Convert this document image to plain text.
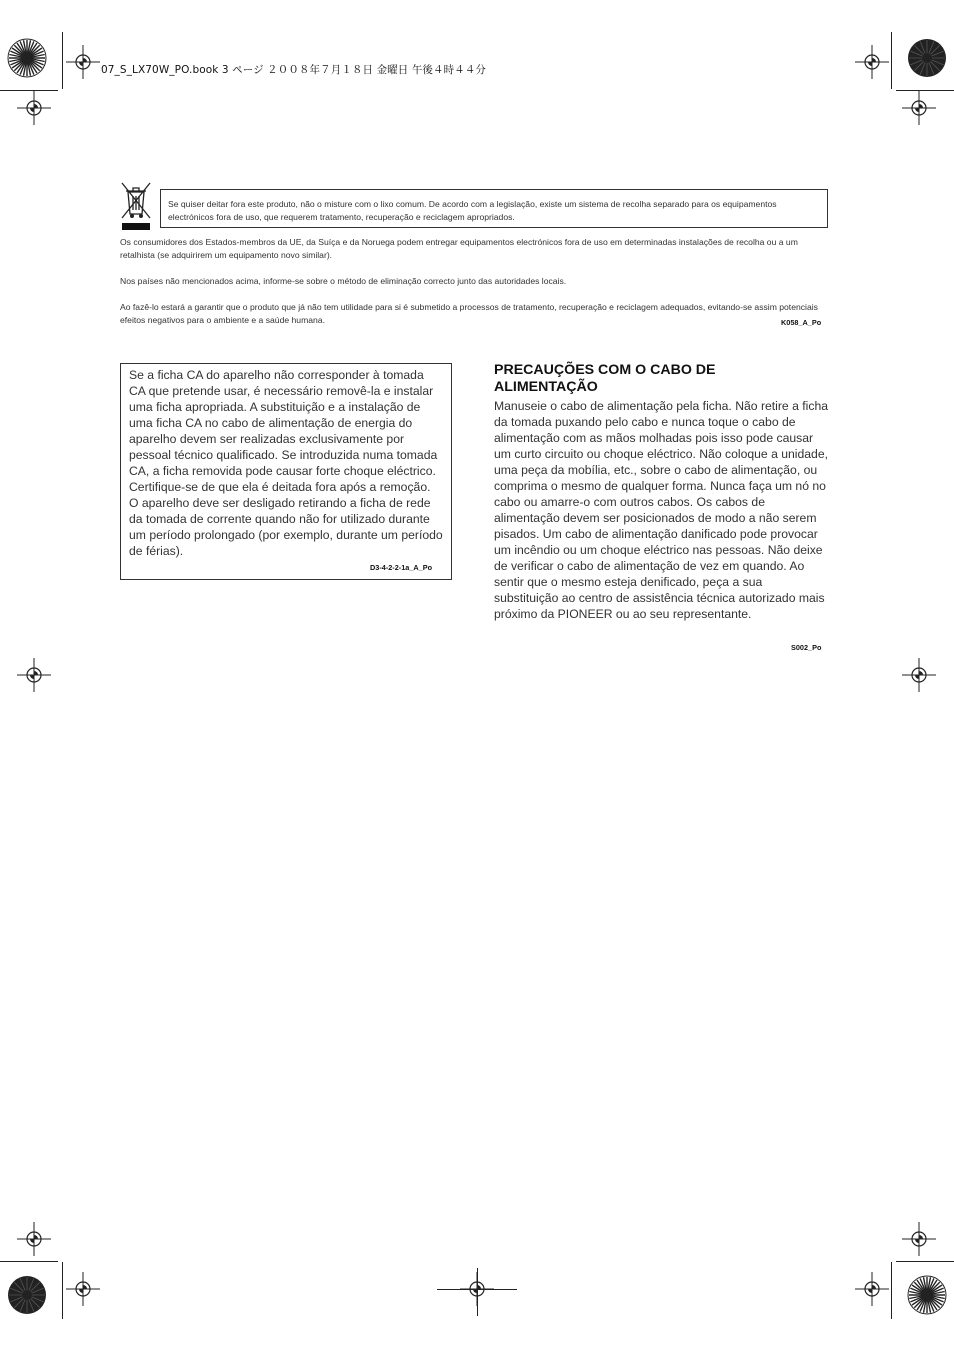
07_S_LX70W_PO.book 3 ページ ２００８年７月１８日 金曜日 午後４時４４分
Se quiser deitar fora este produto, não o misture com o lixo comum. De acordo com a legislação, existe um sistema de recolha separado para os equipamentos electrónicos fora de uso, que requerem tratamento, recuperação e reciclagem apropriados.

Os consumidores dos Estados-membros da UE, da Suíça e da Noruega podem entregar equipamentos electrónicos fora de uso em determinadas instalações de recolha ou a um retalhista (se adquirirem um equipamento novo similar).

Nos países não mencionados acima, informe-se sobre o método de eliminação correcto junto das autoridades locais.

Ao fazê-lo estará a garantir que o produto que já não tem utilidade para si é submetido a processos de tratamento, recuperação e reciclagem adequados, evitando-se assim potenciais efeitos negativos para o ambiente e a saúde humana.	K058_A_Po
Se a ficha CA do aparelho não corresponder à tomada CA que pretende usar, é necessário removê-la e instalar uma ficha apropriada. A substituição e a instalação de uma ficha CA no cabo de alimentação de energia do aparelho devem ser realizadas exclusivamente por pessoal técnico qualificado. Se introduzida numa tomada CA, a ficha removida pode causar forte choque eléctrico. Certifique-se de que ela é deitada fora após a remoção. O aparelho deve ser desligado retirando a ficha de rede da tomada de corrente quando não for utilizado durante um período prolongado (por exemplo, durante um período de férias).
D3-4-2-2-1a_A_Po
PRECAUÇÕES COM O CABO DE ALIMENTAÇÃO

Manuseie o cabo de alimentação pela ficha. Não retire a ficha da tomada puxando pelo cabo e nunca toque o cabo de alimentação com as mãos molhadas pois isso pode causar um curto circuito ou choque eléctrico. Não coloque a unidade, uma peça da mobília, etc., sobre o cabo de alimentação, ou comprima o mesmo de qualquer forma. Nunca faça um nó no cabo ou amarre-o com outros cabos. Os cabos de alimentação devem ser posicionados de modo a não serem pisados. Um cabo de alimentação danificado pode provocar um incêndio ou um choque eléctrico nas pessoas. Não deixe de verificar o cabo de alimentação de vez em quando. Ao sentir que o mesmo esteja denificado, peça a sua substituição ao centro de assistência técnica autorizado mais próximo da PIONEER ou ao seu representante.

S002_Po
